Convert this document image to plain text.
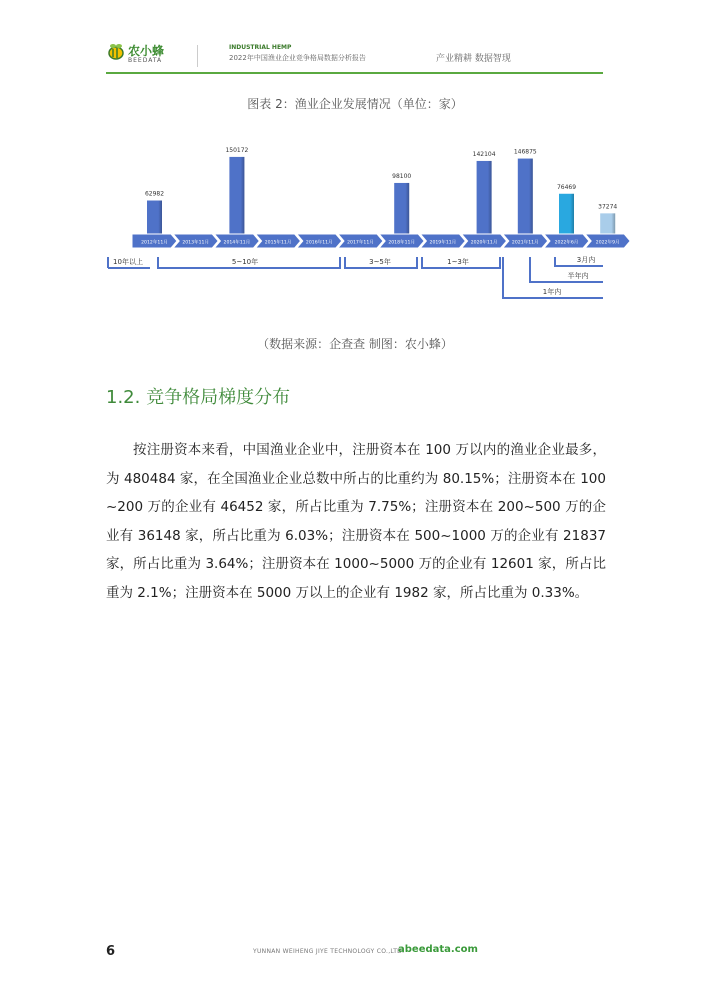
农小蜂
BEEDATA
INDUSTRIAL HEMP
2022年中国渔业企业竞争格局数据分析报告	产业精耕 数据智现
图表 2：渔业企业发展情况（单位：家）
62982
150172
98100
142104	146875
76469
37274
2012年11月	2013年11月	2014年11月	2015年11月	2016年11月	2017年11月	2018年11月	2019年11月	2020年11月	2021年11月	2022年6月	2022年9月
10年以上	5~10年	3~5年	1~3年
1年内
半年内
3月内
（数据来源：企查查 制图：农小蜂）
1.2. 竞争格局梯度分布
按注册资本来看，中国渔业企业中，注册资本在 100 万以内的渔业企业最多，为 480484 家，在全国渔业企业总数中所占的比重约为 80.15%；注册资本在 100~200 万的企业有 46452 家，所占比重为 7.75%；注册资本在 200~500 万的企业有 36148 家，所占比重为 6.03%；注册资本在 500~1000 万的企业有 21837 家，所占比重为 3.64%；注册资本在 1000~5000 万的企业有 12601 家，所占比重为 2.1%；注册资本在 5000 万以上的企业有 1982 家，所占比重为 0.33%。
6	YUNNAN WEIHENG JIYE TECHNOLOGY CO.,LTD.
abeedata.com
